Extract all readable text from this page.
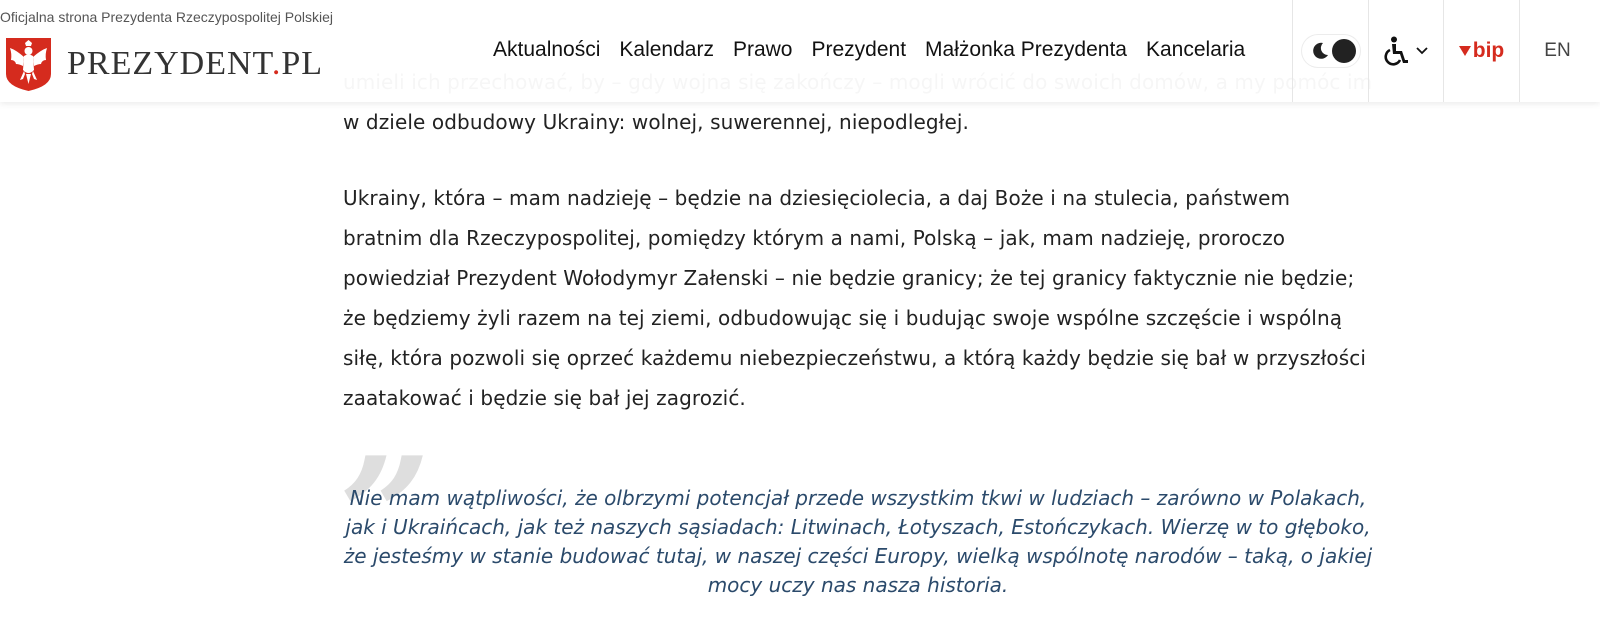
w dziele odbudowy Ukrainy: wolnej, suwerennej, niepodległej.

Ukrainy, która – mam nadzieję – będzie na dziesięciolecia, a daj Boże i na stulecia, państwem bratnim dla Rzeczypospolitej, pomiędzy którym a nami, Polską – jak, mam nadzieję, proroczo powiedział Prezydent Wołodymyr Załenski – nie będzie granicy; że tej granicy faktycznie nie będzie; że będziemy żyli razem na tej ziemi, odbudowując się i budując swoje wspólne szczęście i wspólną siłę, która pozwoli się oprzeć każdemu niebezpieczeństwu, a którą każdy będzie się bał w przyszłości zaatakować i będzie się bał jej zagrozić.

”

Nie mam wątpliwości, że olbrzymi potencjał przede wszystkim tkwi w ludziach – zarówno w Polakach, jak i Ukraińcach, jak też naszych sąsiadach: Litwinach, Łotyszach, Estończykach. Wierzę w to głęboko, że jesteśmy w stanie budować tutaj, w naszej części Europy, wielką wspólnotę narodów – taką, o jakiej mocy uczy nas nasza historia.

Oficjalna strona Prezydenta Rzeczypospolitej Polskiej
PREZYDENT.PL	Aktualności Kalendarz Prawo Prezydent Małżonka Prezydenta Kancelaria	bip EN
